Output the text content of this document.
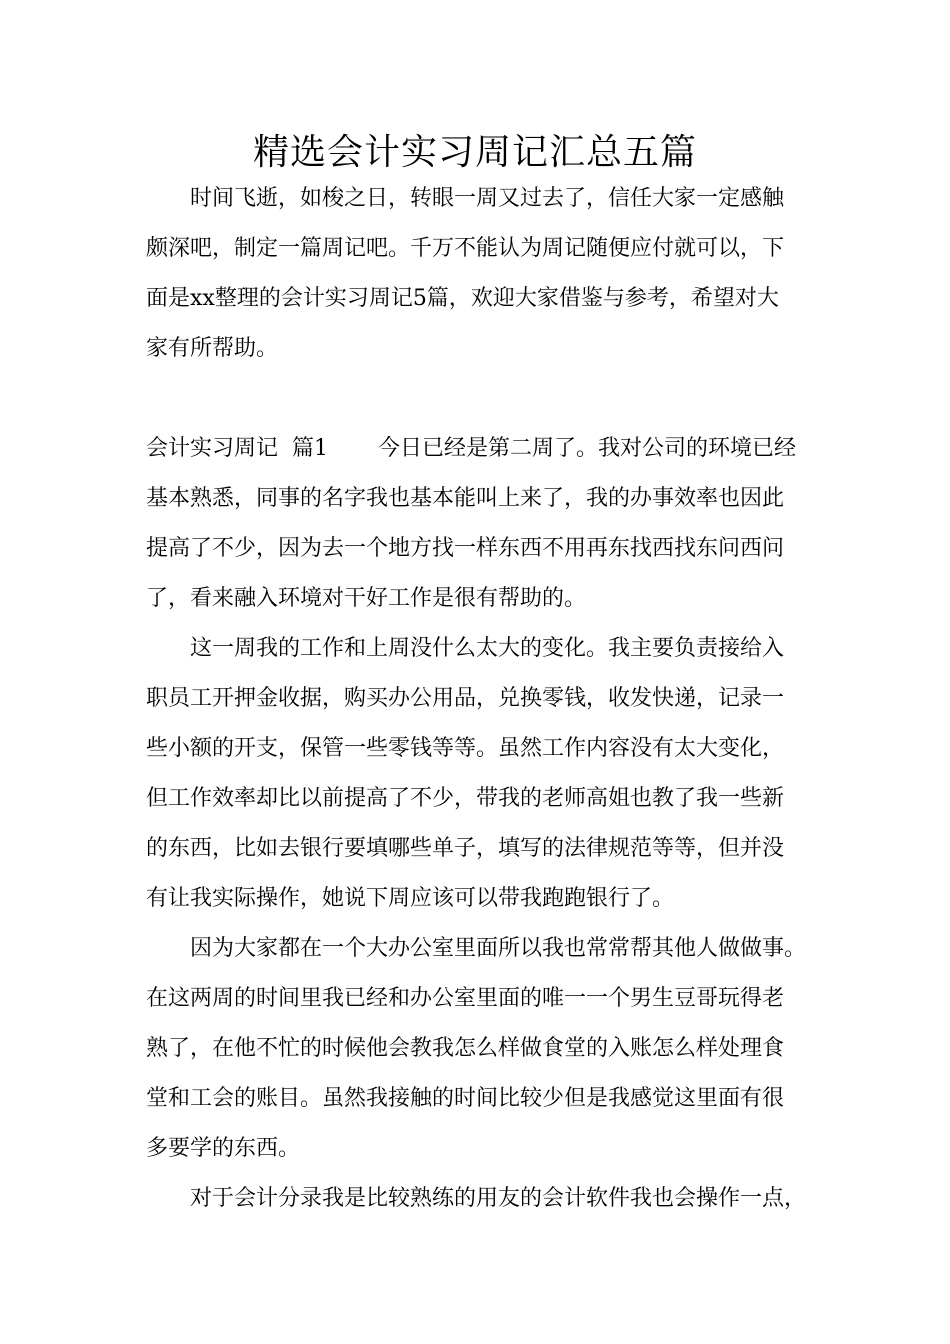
精选会计实习周记汇总五篇
时间飞逝，如梭之日，转眼一周又过去了，信任大家一定感触
颇深吧，制定一篇周记吧。千万不能认为周记随便应付就可以，下
面是xx整理的会计实习周记5篇，欢迎大家借鉴与参考，希望对大
家有所帮助。
会计实习周记  篇1 今日已经是第二周了。我对公司的环境已经
基本熟悉，同事的名字我也基本能叫上来了，我的办事效率也因此
提高了不少，因为去一个地方找一样东西不用再东找西找东问西问
了，看来融入环境对干好工作是很有帮助的。
这一周我的工作和上周没什么太大的变化。我主要负责接给入
职员工开押金收据，购买办公用品，兑换零钱，收发快递，记录一
些小额的开支，保管一些零钱等等。虽然工作内容没有太大变化，
但工作效率却比以前提高了不少，带我的老师高姐也教了我一些新
的东西，比如去银行要填哪些单子，填写的法律规范等等，但并没
有让我实际操作，她说下周应该可以带我跑跑银行了。
因为大家都在一个大办公室里面所以我也常常帮其他人做做事。
在这两周的时间里我已经和办公室里面的唯一一个男生豆哥玩得老
熟了，在他不忙的时候他会教我怎么样做食堂的入账怎么样处理食
堂和工会的账目。虽然我接触的时间比较少但是我感觉这里面有很
多要学的东西。
对于会计分录我是比较熟练的用友的会计软件我也会操作一点，
